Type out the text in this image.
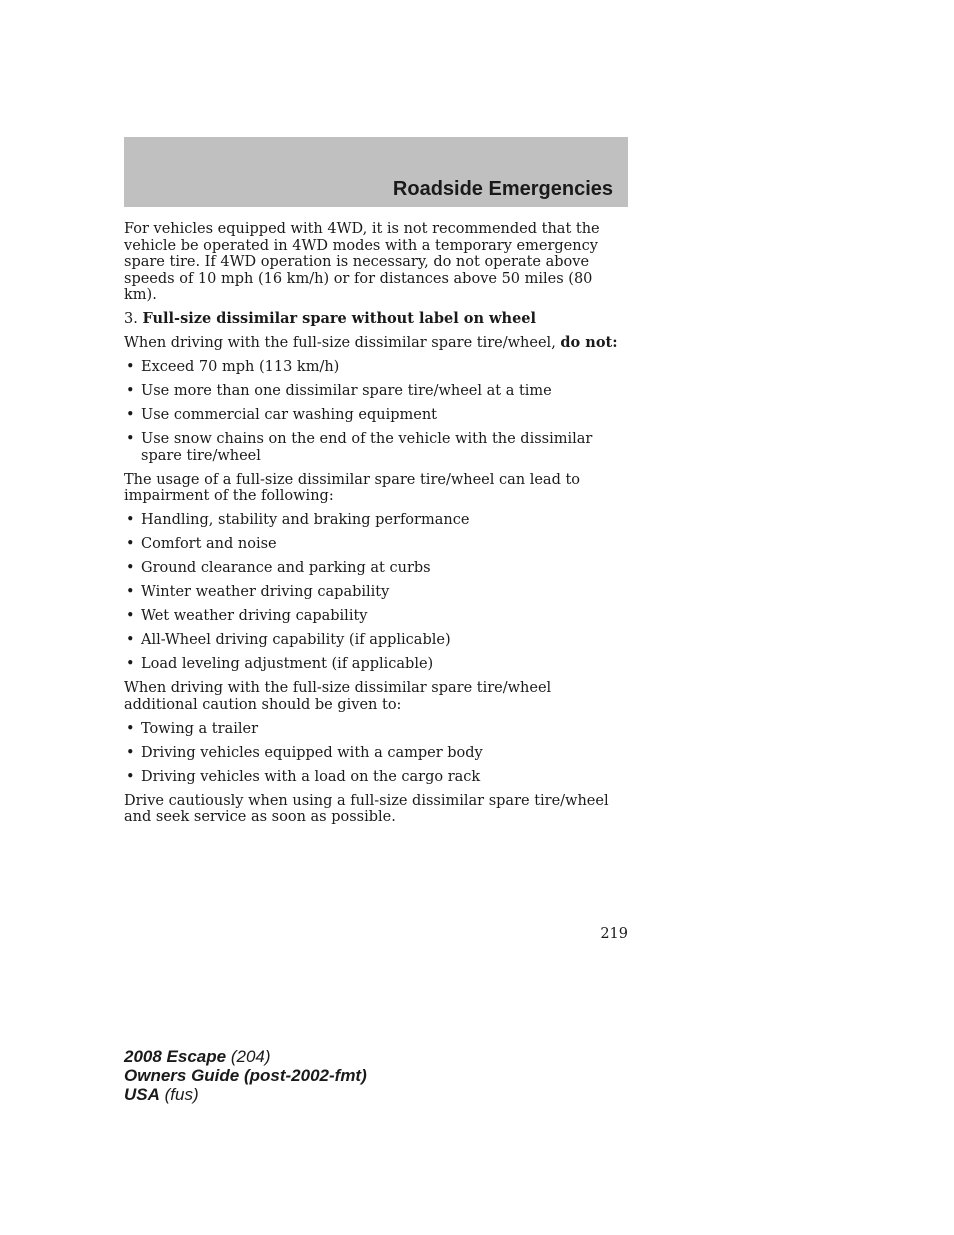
Roadside Emergencies

For vehicles equipped with 4WD, it is not recommended that the vehicle be operated in 4WD modes with a temporary emergency spare tire. If 4WD operation is necessary, do not operate above speeds of 10 mph (16 km/h) or for distances above 50 miles (80 km).

3. Full-size dissimilar spare without label on wheel

When driving with the full-size dissimilar spare tire/wheel, do not:

• Exceed 70 mph (113 km/h)
• Use more than one dissimilar spare tire/wheel at a time
• Use commercial car washing equipment
• Use snow chains on the end of the vehicle with the dissimilar spare tire/wheel

The usage of a full-size dissimilar spare tire/wheel can lead to impairment of the following:

• Handling, stability and braking performance
• Comfort and noise
• Ground clearance and parking at curbs
• Winter weather driving capability
• Wet weather driving capability
• All-Wheel driving capability (if applicable)
• Load leveling adjustment (if applicable)

When driving with the full-size dissimilar spare tire/wheel additional caution should be given to:

• Towing a trailer
• Driving vehicles equipped with a camper body
• Driving vehicles with a load on the cargo rack

Drive cautiously when using a full-size dissimilar spare tire/wheel and seek service as soon as possible.

219
2008 Escape (204)
Owners Guide (post-2002-fmt)
USA (fus)
